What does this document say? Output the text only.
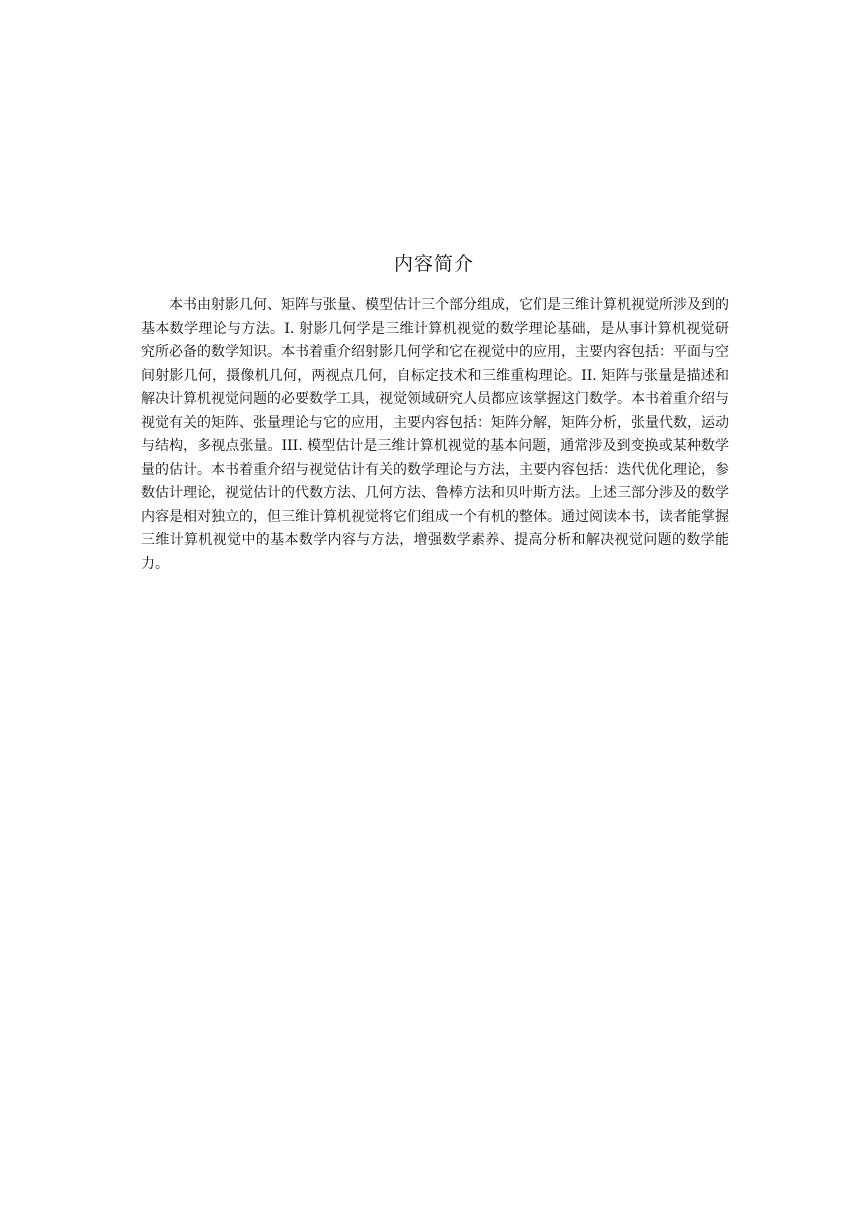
内容简介

本书由射影几何、矩阵与张量、模型估计三个部分组成，它们是三维计算机视觉所涉及到的基本数学理论与方法。I. 射影几何学是三维计算机视觉的数学理论基础，是从事计算机视觉研究所必备的数学知识。本书着重介绍射影几何学和它在视觉中的应用，主要内容包括：平面与空间射影几何，摄像机几何，两视点几何，自标定技术和三维重构理论。II. 矩阵与张量是描述和解决计算机视觉问题的必要数学工具，视觉领域研究人员都应该掌握这门数学。本书着重介绍与视觉有关的矩阵、张量理论与它的应用，主要内容包括：矩阵分解，矩阵分析，张量代数，运动与结构，多视点张量。III. 模型估计是三维计算机视觉的基本问题，通常涉及到变换或某种数学量的估计。本书着重介绍与视觉估计有关的数学理论与方法，主要内容包括：迭代优化理论，参数估计理论，视觉估计的代数方法、几何方法、鲁棒方法和贝叶斯方法。上述三部分涉及的数学内容是相对独立的，但三维计算机视觉将它们组成一个有机的整体。通过阅读本书，读者能掌握三维计算机视觉中的基本数学内容与方法，增强数学素养、提高分析和解决视觉问题的数学能力。
